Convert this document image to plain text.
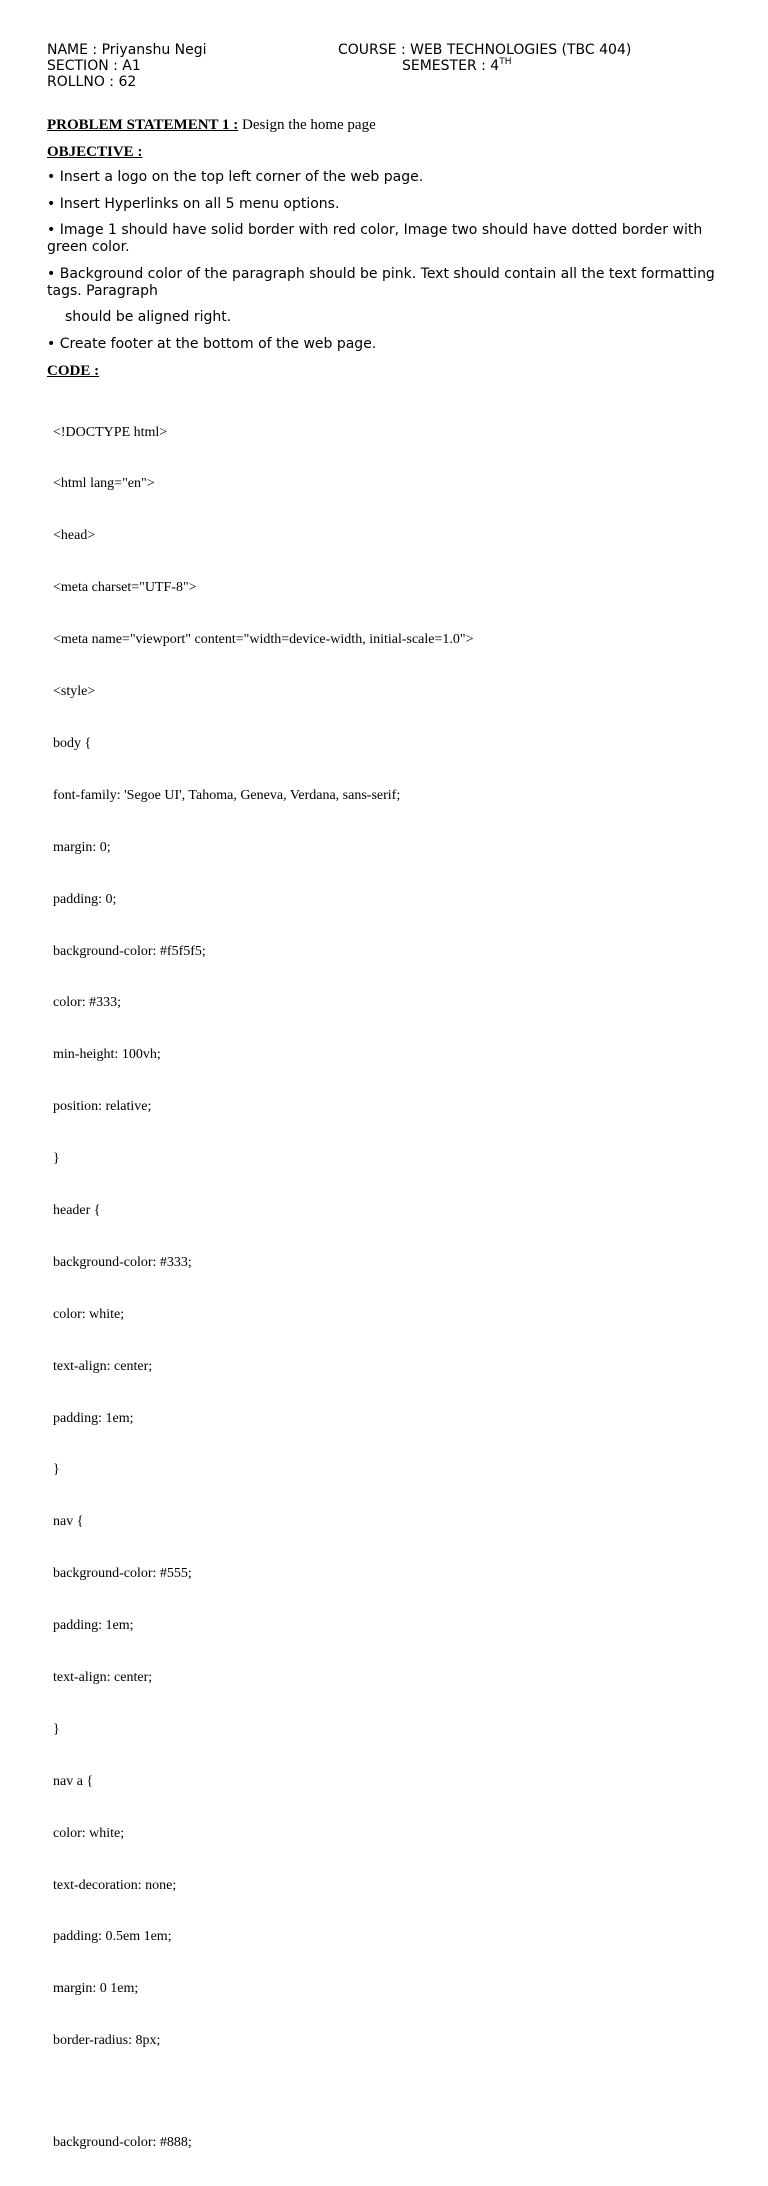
NAME : Priyanshu Negi
SECTION : A1
ROLLNO : 62
COURSE : WEB TECHNOLOGIES (TBC 404)
SEMESTER : 4TH
PROBLEM STATEMENT 1 : Design the home page
OBJECTIVE :
• Insert a logo on the top left corner of the web page.
• Insert Hyperlinks on all 5 menu options.
• Image 1 should have solid border with red color, Image two should have dotted border with green color.
• Background color of the paragraph should be pink. Text should contain all the text formatting tags. Paragraph
should be aligned right.
• Create footer at the bottom of the web page.
CODE :

<!DOCTYPE html>

<html lang="en">

<head>

<meta charset="UTF-8">

<meta name="viewport" content="width=device-width, initial-scale=1.0">

<style>

body {

font-family: 'Segoe UI', Tahoma, Geneva, Verdana, sans-serif;

margin: 0;

padding: 0;

background-color: #f5f5f5;

color: #333;

min-height: 100vh;

position: relative;

}

header {

background-color: #333;

color: white;

text-align: center;

padding: 1em;

}

nav {

background-color: #555;

padding: 1em;

text-align: center;

}

nav a {

color: white;

text-decoration: none;

padding: 0.5em 1em;

margin: 0 1em;

border-radius: 8px;

background-color: #888;
